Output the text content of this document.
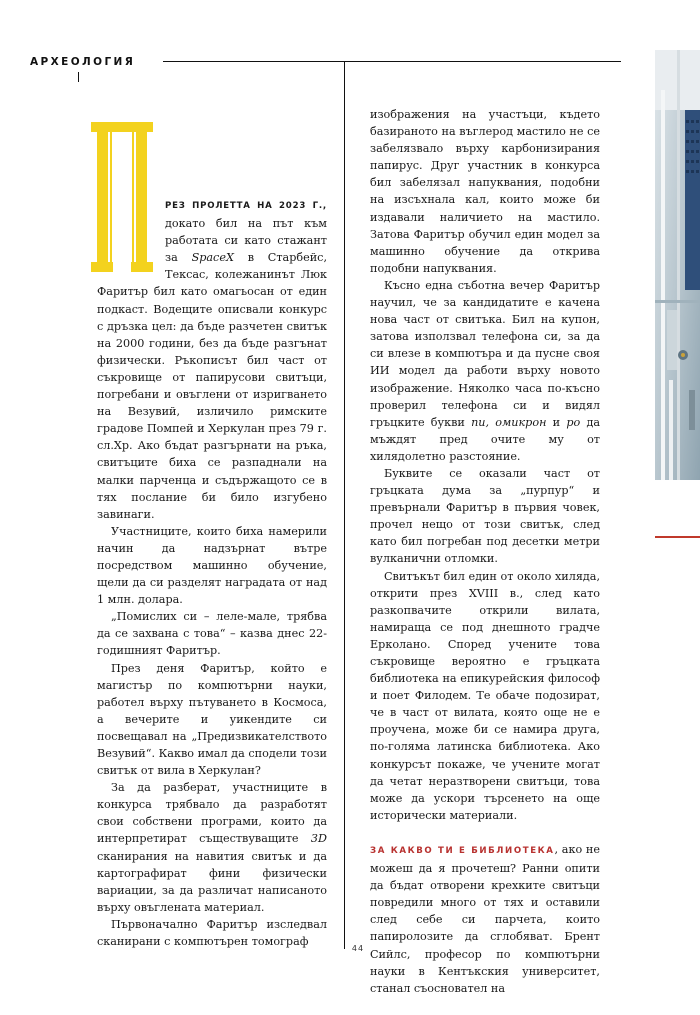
АРХЕОЛОГИЯ

РЕЗ ПРОЛЕТТА НА 2023 Г., докато бил на път към работата си като стажант за SpaceX в Старбейс, Тексас, колежанинът Люк Фаритър бил като омагьосан от един подкаст. Водещите описвали конкурс с дръзка цел: да бъде разчетен свитък на 2000 години, без да бъде разгънат физически. Ръкописът бил част от съкровище от папирусови свитъци, погребани и овъглени от изригването на Везувий, изличило римските градове Помпей и Херкулан през 79 г. сл.Хр. Ако бъдат разгърнати на ръка, свитъците биха се разпаднали на малки парченца и съдържащото се в тях послание би било изгубено завинаги.

Участниците, които биха намерили начин да надзърнат вътре посредством машинно обучение, щели да си разделят наградата от над 1 млн. долара.

„Помислих си – леле-мале, трябва да се захвана с това“ – казва днес 22-годишният Фаритър.

През деня Фаритър, който е магистър по компютърни науки, работел върху пътуването в Космоса, а вечерите и уикендите си посвещавал на „Предизвикателството Везувий“. Какво имал да сподели този свитък от вила в Херкулан?

За да разберат, участниците в конкурса трябвало да разработят свои собствени програми, които да интерпретират съществуващите 3D сканирания на навития свитък и да картографират фини физически вариации, за да различат написаното върху овъглената материал.

Първоначално Фаритър изследвал сканирани с компютърен томограф

изображения на участъци, където базираното на въглерод мастило не се забелязвало върху карбонизирания папирус. Друг участник в конкурса бил забелязал напуквания, подобни на изсъхнала кал, които може би издавали наличието на мастило. Затова Фаритър обучил един модел за машинно обучение да открива подобни напуквания.

Късно една съботна вечер Фаритър научил, че за кандидатите е качена нова част от свитъка. Бил на купон, затова използвал телефона си, за да си влезе в компютъра и да пусне своя ИИ модел да работи върху новото изображение. Няколко часа по-късно проверил телефона си и видял гръцките букви пи, омикрон и ро да мъждят пред очите му от хилядолетно разстояние.

Буквите се оказали част от гръцката дума за „пурпур“ и превърнали Фаритър в първия човек, прочел нещо от този свитък, след като бил погребан под десетки метри вулканични отломки.

Свитъкът бил един от около хиляда, открити през XVIII в., след като разкопвачите открили вилата, намираща се под днешното градче Ерколано. Според учените това съкровище вероятно е гръцката библиотека на епикурейския философ и поет Филодем. Те обаче подозират, че в част от вилата, която още не е проучена, може би се намира друга, по-голяма латинска библиотека. Ако конкурсът покаже, че учените могат да четат неразтворени свитъци, това може да ускори търсенето на още исторически материали.

ЗА КАКВО ТИ Е БИБЛИОТЕКА, ако не можеш да я прочетеш? Ранни опити да бъдат отворени крехките свитъци повредили много от тях и оставили след себе си парчета, които папиролозите да сглобяват. Брент Сийлс, професор по компютърни науки в Кентъкския университет, станал съосновател на

44
